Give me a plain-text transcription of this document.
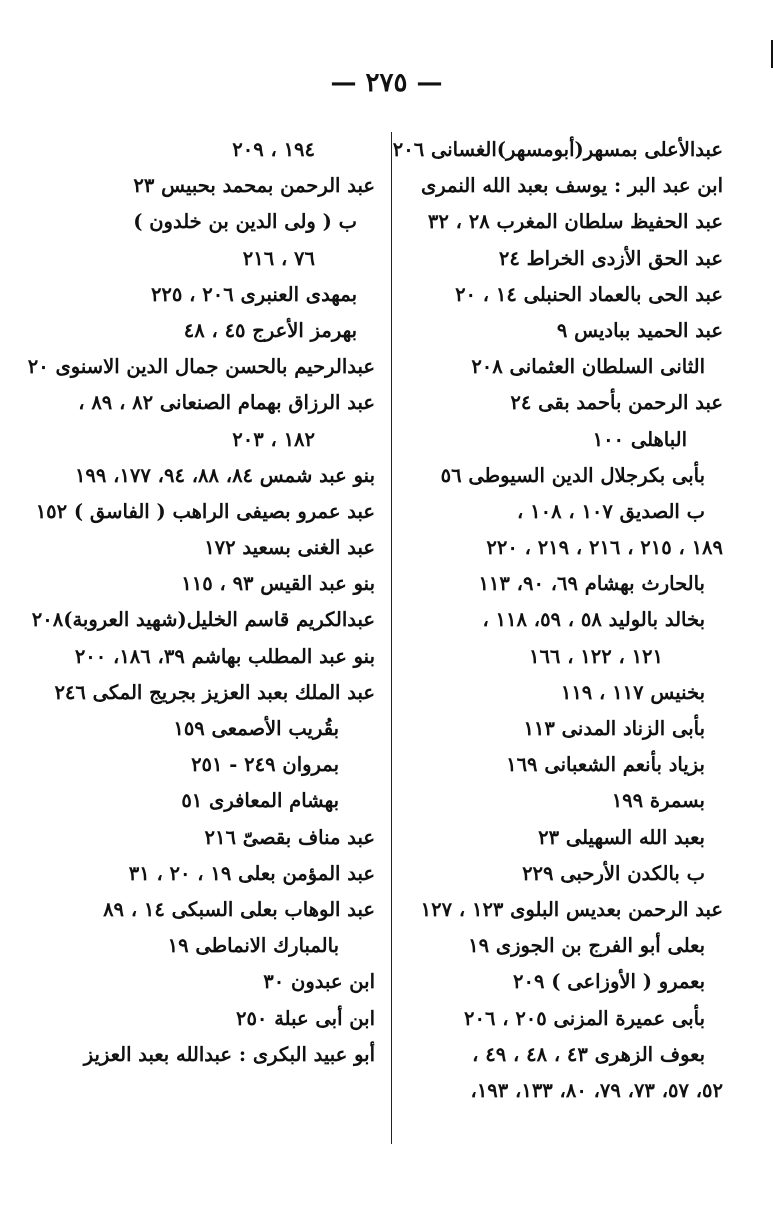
— ٢٧٥ —
عبدالأعلى بمسهر(أبومسهر)الغسانى ٢٠٦
ابن عبد البر : يوسف بعبد الله النمرى
عبد الحفيظ سلطان المغرب ٢٨ ، ٣٢
عبد الحق الأزدى الخراط ٢٤
عبد الحى بالعماد الحنبلى ١٤ ، ٢٠
عبد الحميد بباديس ٩
الثانى السلطان العثمانى ٢٠٨
عبد الرحمن بأحمد بقى ٢٤
الباهلى ١٠٠
بأبى بكرجلال الدين السيوطى ٥٦
ب الصديق ١٠٧ ، ١٠٨ ،
١٨٩ ، ٢١٥ ، ٢١٦ ، ٢١٩ ، ٢٢٠
بالحارث بهشام ٦٩، ٩٠، ١١٣
بخالد بالوليد ٥٨ ، ٥٩، ١١٨ ،
١٢١ ، ١٢٢ ، ١٦٦
بخنيس ١١٧ ، ١١٩
بأبى الزناد المدنى ١١٣
بزياد بأنعم الشعبانى ١٦٩
بسمرة ١٩٩
بعبد الله السهيلى ٢٣
ب بالكدن الأرحبى ٢٢٩
عبد الرحمن بعديس البلوى ١٢٣ ، ١٢٧
بعلى أبو الفرج بن الجوزى ١٩
بعمرو ( الأوزاعى ) ٢٠٩
بأبى عميرة المزنى ٢٠٥ ، ٢٠٦
بعوف الزهرى ٤٣ ، ٤٨ ، ٤٩ ،
٥٢، ٥٧، ٧٣، ٧٩، ٨٠، ١٣٣، ١٩٣،
١٩٤ ، ٢٠٩
عبد الرحمن بمحمد بحبيس ٢٣
ب ( ولى الدين بن خلدون )
٧٦ ، ٢١٦
بمهدى العنبرى ٢٠٦ ، ٢٢٥
بهرمز الأعرج ٤٥ ، ٤٨
عبدالرحيم بالحسن جمال الدين الاسنوى ٢٠
عبد الرزاق بهمام الصنعانى ٨٢ ، ٨٩ ،
١٨٢ ، ٢٠٣
بنو عبد شمس ٨٤، ٨٨، ٩٤، ١٧٧، ١٩٩
عبد عمرو بصيفى الراهب ( الفاسق ) ١٥٢
عبد الغنى بسعيد ١٧٢
بنو عبد القيس ٩٣ ، ١١٥
عبدالكريم قاسم الخليل(شهيد العروبة)٢٠٨
بنو عبد المطلب بهاشم ٣٩، ١٨٦، ٢٠٠
عبد الملك بعبد العزيز بجريج المكى ٢٤٦
بقُريب الأصمعى ١٥٩
بمروان ٢٤٩ - ٢٥١
بهشام المعافرى ٥١
عبد مناف بقصىّ ٢١٦
عبد المؤمن بعلى ١٩ ، ٢٠ ، ٣١
عبد الوهاب بعلى السبكى ١٤ ، ٨٩
بالمبارك الانماطى ١٩
ابن عبدون ٣٠
ابن أبى عبلة ٢٥٠
أبو عبيد البكرى : عبدالله بعبد العزيز
